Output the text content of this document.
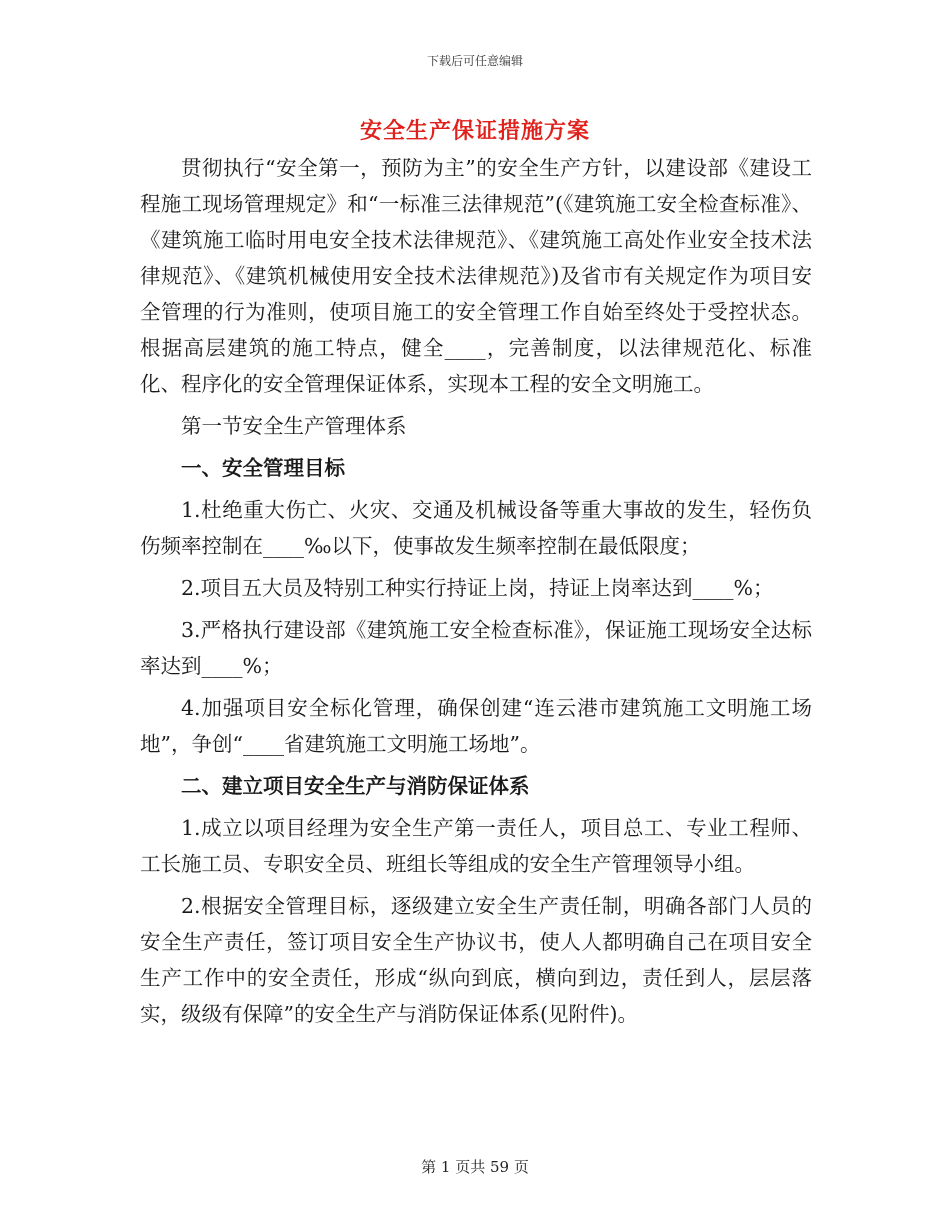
下载后可任意编辑
安全生产保证措施方案

贯彻执行“安全第一，预防为主”的安全生产方针，以建设部《建设工程施工现场管理规定》和“一标准三法律规范”(《建筑施工安全检查标准》、《建筑施工临时用电安全技术法律规范》、《建筑施工高处作业安全技术法律规范》、《建筑机械使用安全技术法律规范》)及省市有关规定作为项目安全管理的行为准则，使项目施工的安全管理工作自始至终处于受控状态。根据高层建筑的施工特点，健全____，完善制度，以法律规范化、标准化、程序化的安全管理保证体系，实现本工程的安全文明施工。

第一节安全生产管理体系

一、安全管理目标

1.杜绝重大伤亡、火灾、交通及机械设备等重大事故的发生，轻伤负伤频率控制在____‰以下，使事故发生频率控制在最低限度；

2.项目五大员及特别工种实行持证上岗，持证上岗率达到____%；

3.严格执行建设部《建筑施工安全检查标准》，保证施工现场安全达标率达到____%；

4.加强项目安全标化管理，确保创建“连云港市建筑施工文明施工场地”，争创“____省建筑施工文明施工场地”。

二、建立项目安全生产与消防保证体系

1.成立以项目经理为安全生产第一责任人，项目总工、专业工程师、工长施工员、专职安全员、班组长等组成的安全生产管理领导小组。

2.根据安全管理目标，逐级建立安全生产责任制，明确各部门人员的安全生产责任，签订项目安全生产协议书，使人人都明确自己在项目安全生产工作中的安全责任，形成“纵向到底，横向到边，责任到人，层层落实，级级有保障”的安全生产与消防保证体系(见附件)。

第 1 页共 59 页
